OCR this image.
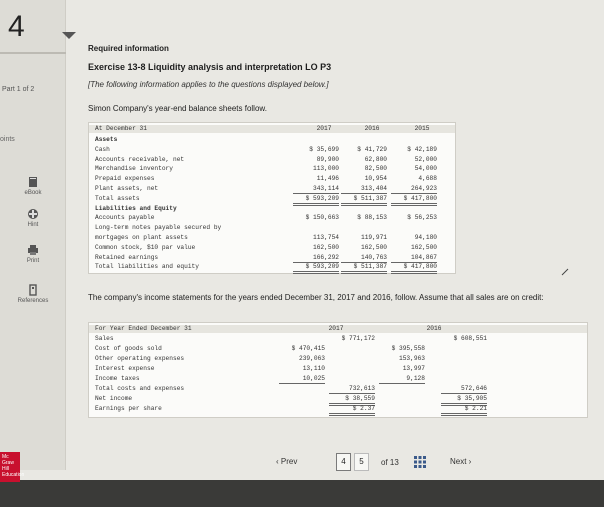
4
Part 1 of 2
oints
eBook
Hint
Print
References
Required information
Exercise 13-8 Liquidity analysis and interpretation LO P3
[The following information applies to the questions displayed below.]
Simon Company's year-end balance sheets follow.
At December 31	2017	2016	2015
Assets
Cash	$ 35,699	$ 41,729	$ 42,189
Accounts receivable, net	89,900	62,800	52,000
Merchandise inventory	113,000	82,500	54,000
Prepaid expenses	11,496	10,954	4,688
Plant assets, net	343,114	313,404	264,923
Total assets	$ 593,209	$ 511,387	$ 417,800
Liabilities and Equity
Accounts payable	$ 150,663	$ 88,153	$ 56,253
Long-term notes payable secured by
mortgages on plant assets	113,754	119,971	94,180
Common stock, $10 par value	162,500	162,500	162,500
Retained earnings	166,292	140,763	104,867
Total liabilities and equity	$ 593,209	$ 511,387	$ 417,800
The company's income statements for the years ended December 31, 2017 and 2016, follow. Assume that all sales are on credit:
For Year Ended December 31	2017	2016
Sales	$ 771,172	$ 608,551
Cost of goods sold	$ 470,415	$ 395,558
Other operating expenses	239,063	153,963
Interest expense	13,110	13,997
Income taxes	10,025	9,128
Total costs and expenses	732,613	572,646
Net income	$ 38,559	$ 35,905
Earnings per share	$ 2.37	$ 2.21
Mc Graw Hill Education
‹ Prev	4	5	of 13	Next ›
